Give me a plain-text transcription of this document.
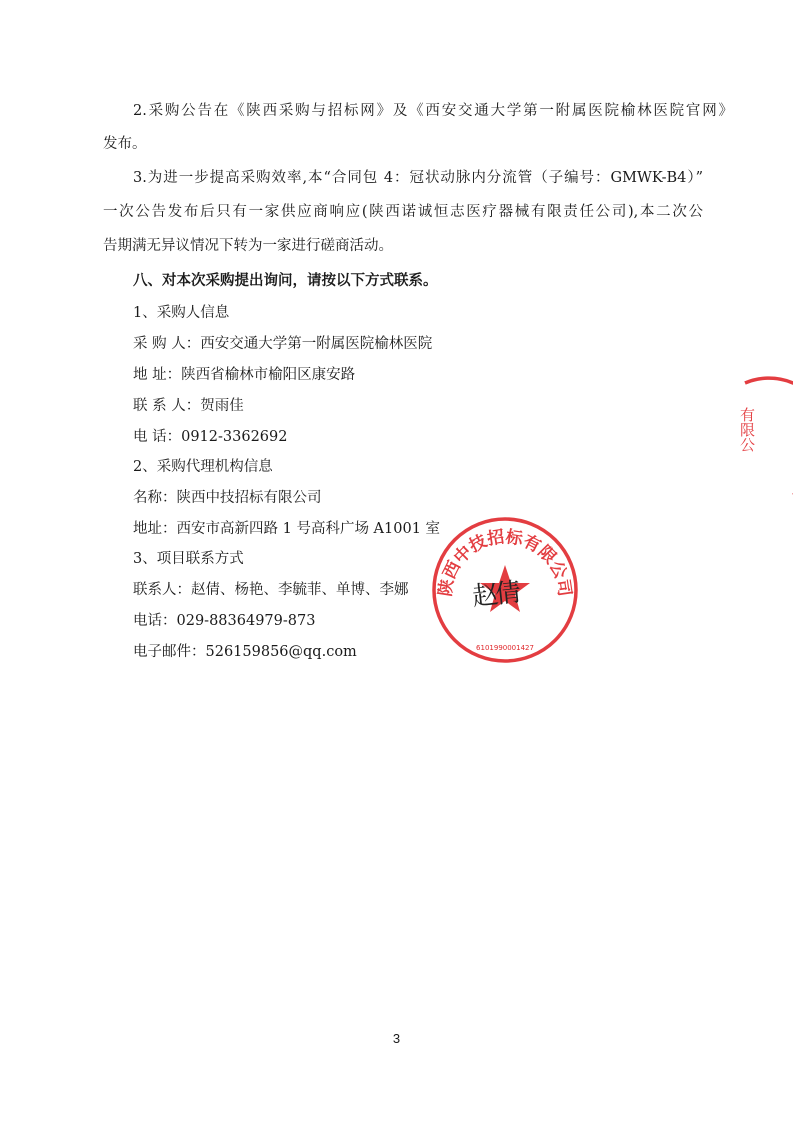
2.采购公告在《陕西采购与招标网》及《西安交通大学第一附属医院榆林医院官网》
发布。
3.为进一步提高采购效率,本“合同包 4：冠状动脉内分流管（子编号：GMWK-B4）”
一次公告发布后只有一家供应商响应(陕西诺诚恒志医疗器械有限责任公司),本二次公
告期满无异议情况下转为一家进行磋商活动。
八、对本次采购提出询问，请按以下方式联系。
1、采购人信息
采 购 人：西安交通大学第一附属医院榆林医院
地 址：陕西省榆林市榆阳区康安路
联 系 人：贺雨佳
电 话：0912-3362692
2、采购代理机构信息
名称：陕西中技招标有限公司
地址：西安市高新四路 1 号高科广场 A1001 室
3、项目联系方式
联系人：赵倩、杨艳、李毓菲、单博、李娜
电话：029-88364979-873
电子邮件：526159856@qq.com
陕西中技招标有限公司
6101990001427
有限公
赵倩
3
